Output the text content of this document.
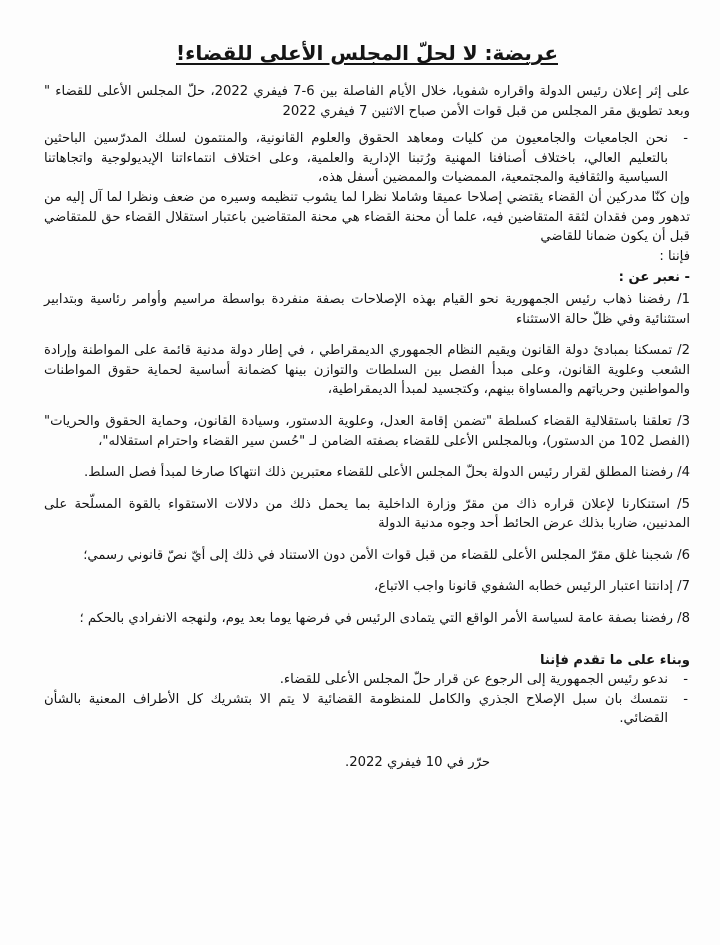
عريضة: لا لحلّ المجلس الأعلى للقضاء!

على إثر إعلان رئيس الدولة واقراره شفويا، خلال الأيام الفاصلة بين 6-7 فيفري 2022، حلّ المجلس الأعلى للقضاء " وبعد تطويق مقر المجلس من قبل قوات الأمن صباح الاثنين 7 فيفري 2022

- نحن الجامعيات والجامعيون من كليات ومعاهد الحقوق والعلوم القانونية، والمنتمون لسلك المدرّسين الباحثين بالتعليم العالي، باختلاف أصنافنا المهنية ورُتبنا الإدارية والعلمية، وعلى اختلاف انتماءاتنا الإيديولوجية واتجاهاتنا السياسية والثقافية والمجتمعية، الممضيات والممضين أسفل هذه،

وإن كنّا مدركين أن القضاء يقتضي إصلاحا عميقا وشاملا نظرا لما يشوب تنظيمه وسيره من ضعف ونظرا لما آل إليه من تدهور ومن فقدان لثقة المتقاضين فيه، علما أن محنة القضاء هي محنة المتقاضين باعتبار استقلال القضاء حق للمتقاضي قبل أن يكون ضمانا للقاضي

فإننا :

- نعبر عن :

1/ رفضنا ذهاب رئيس الجمهورية نحو القيام بهذه الإصلاحات بصفة منفردة بواسطة مراسيم وأوامر رئاسية وبتدابير استثنائية وفي ظلّ حالة الاستثناء

2/ تمسكنا بمبادئ دولة القانون ويقيم النظام الجمهوري الديمقراطي ، في إطار دولة مدنية قائمة على المواطنة وإرادة الشعب وعلوية القانون، وعلى مبدأ الفصل بين السلطات والتوازن بينها كضمانة أساسية لحماية حقوق المواطنات والمواطنين وحرياتهم والمساواة بينهم، وكتجسيد لمبدأ الديمقراطية،

3/ تعلقنا باستقلالية القضاء كسلطة "تضمن إقامة العدل، وعلوية الدستور، وسيادة القانون، وحماية الحقوق والحريات" (الفصل 102 من الدستور)، وبالمجلس الأعلى للقضاء بصفته الضامن لـ "حُسن سير القضاء واحترام استقلاله"،

4/ رفضنا المطلق لقرار رئيس الدولة بحلّ المجلس الأعلى للقضاء معتبرين ذلك انتهاكا صارخا لمبدأ فصل السلط.

5/ استنكارنا لإعلان قراره ذاك من مقرّ وزارة الداخلية بما يحمل ذلك من دلالات الاستقواء بالقوة المسلّحة على المدنيين، ضاربا بذلك عرض الحائط أحد وجوه مدنية الدولة

6/ شجبنا غلق مقرّ المجلس الأعلى للقضاء من قبل قوات الأمن دون الاستناد في ذلك إلى أيّ نصّ قانوني رسمي؛

7/ إدانتنا اعتبار الرئيس خطابه الشفوي قانونا واجب الاتباع،

8/ رفضنا بصفة عامة لسياسة الأمر الواقع التي يتمادى الرئيس في فرضها يوما بعد يوم، ولنهجه الانفرادي بالحكم ؛

وبناء على ما تقدم فإننا

- ندعو رئيس الجمهورية إلى الرجوع عن قرار حلّ المجلس الأعلى للقضاء.
- نتمسك بان سبل الإصلاح الجذري والكامل للمنظومة القضائية لا يتم الا بتشريك كل الأطراف المعنية بالشأن القضائي.

حرّر في 10 فيفري 2022.
